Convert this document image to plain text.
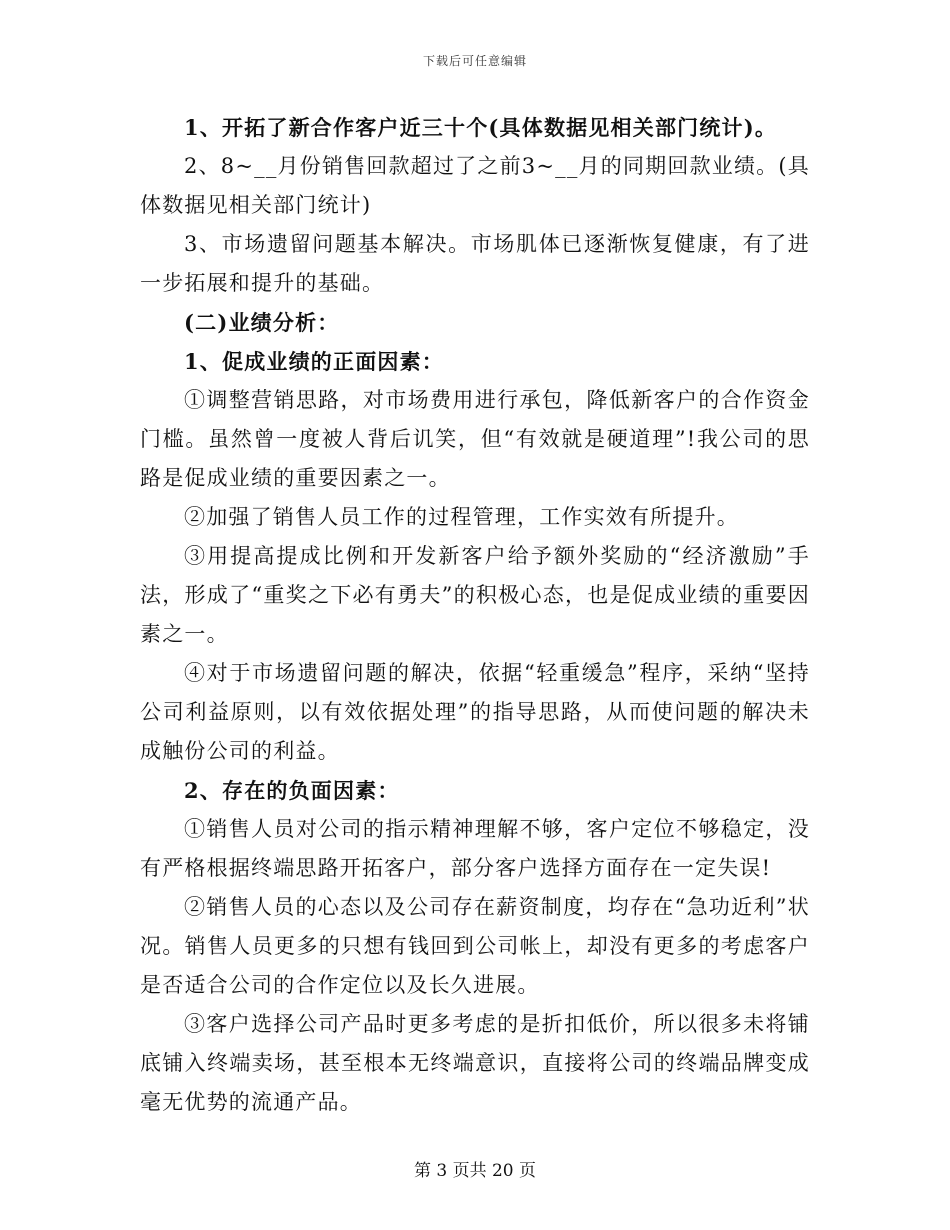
下载后可任意编辑

1、开拓了新合作客户近三十个(具体数据见相关部门统计)。

2、8~__月份销售回款超过了之前3~__月的同期回款业绩。(具体数据见相关部门统计)

3、市场遗留问题基本解决。市场肌体已逐渐恢复健康，有了进一步拓展和提升的基础。

(二)业绩分析：

1、促成业绩的正面因素：

①调整营销思路，对市场费用进行承包，降低新客户的合作资金门槛。虽然曾一度被人背后讥笑，但“有效就是硬道理”!我公司的思路是促成业绩的重要因素之一。

②加强了销售人员工作的过程管理，工作实效有所提升。

③用提高提成比例和开发新客户给予额外奖励的“经济激励”手法，形成了“重奖之下必有勇夫”的积极心态，也是促成业绩的重要因素之一。

④对于市场遗留问题的解决，依据“轻重缓急”程序，采纳“坚持公司利益原则，以有效依据处理”的指导思路，从而使问题的解决未成触份公司的利益。

2、存在的负面因素：

①销售人员对公司的指示精神理解不够，客户定位不够稳定，没有严格根据终端思路开拓客户，部分客户选择方面存在一定失误!

②销售人员的心态以及公司存在薪资制度，均存在“急功近利”状况。销售人员更多的只想有钱回到公司帐上，却没有更多的考虑客户是否适合公司的合作定位以及长久进展。

③客户选择公司产品时更多考虑的是折扣低价，所以很多未将铺底铺入终端卖场，甚至根本无终端意识，直接将公司的终端品牌变成毫无优势的流通产品。

第 3 页共 20 页
